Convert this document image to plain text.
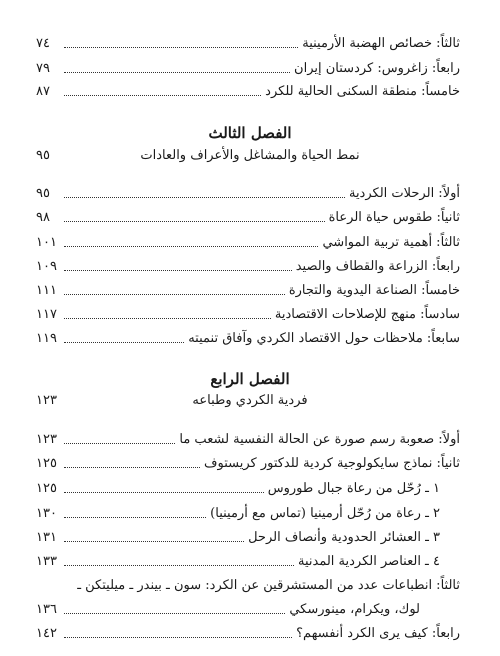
ثالثاً: خصائص الهضبة الأرمينية
٧٤
رابعاً: زاغروس: كردستان إيران
٧٩
خامساً: منطقة السكنى الحالية للكرد
٨٧
الفصل الثالث
نمط الحياة والمشاغل والأعراف والعادات
٩٥
أولاً: الرحلات الكردية
٩٥
ثانياً: طقوس حياة الرعاة
٩٨
ثالثاً: أهمية تربية المواشي
١٠١
رابعاً: الزراعة والقطاف والصيد
١٠٩
خامساً: الصناعة اليدوية والتجارة
١١١
سادساً: منهج للإصلاحات الاقتصادية
١١٧
سابعاً: ملاحظات حول الاقتصاد الكردي وآفاق تنميته
١١٩
الفصل الرابع
فردية الكردي وطباعه
١٢٣
أولاً: صعوبة رسم صورة عن الحالة النفسية لشعب ما
١٢٣
ثانياً: نماذج سايكولوجية كردية للدكتور كريستوف
١٢٥
١ ـ رُحّل من رعاة جبال طوروس
١٢٥
٢ ـ رعاة من رُحّل أرمينيا (تماس مع أرمينيا)
١٣٠
٣ ـ العشائر الحدودية وأنصاف الرحل
١٣١
٤ ـ العناصر الكردية المدنية
١٣٣
ثالثاً: انطباعات عدد من المستشرقين عن الكرد: سون ـ بيندر ـ ميليتكن ـ
لوك، ويكرام، مينورسكي
١٣٦
رابعاً: كيف يرى الكرد أنفسهم؟
١٤٢
